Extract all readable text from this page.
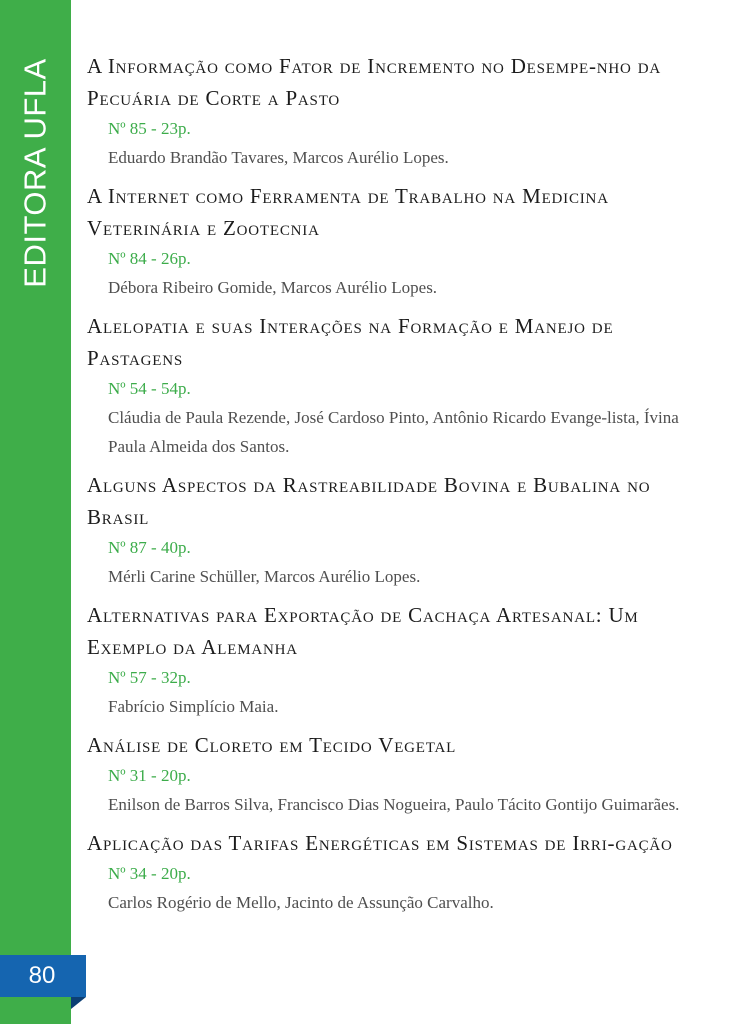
EDITORA UFLA
80
A Informação como Fator de Incremento no Desempe-nho da Pecuária de Corte a Pasto

Nº 85 - 23p.

Eduardo Brandão Tavares, Marcos Aurélio Lopes.

A Internet como Ferramenta de Trabalho na Medicina Veterinária e Zootecnia

Nº 84 - 26p.

Débora Ribeiro Gomide, Marcos Aurélio Lopes.

Alelopatia e suas Interações na Formação e Manejo de Pastagens

Nº 54 - 54p.

Cláudia de Paula Rezende, José Cardoso Pinto, Antônio Ricardo Evange-lista, Ívina Paula Almeida dos Santos.

Alguns Aspectos da Rastreabilidade Bovina e Bubalina no Brasil

Nº 87 - 40p.

Mérli Carine Schüller, Marcos Aurélio Lopes.

Alternativas para Exportação de Cachaça Artesanal: Um Exemplo da Alemanha

Nº 57 - 32p.

Fabrício Simplício Maia.

Análise de Cloreto em Tecido Vegetal

Nº 31 - 20p.

Enilson de Barros Silva, Francisco Dias Nogueira, Paulo Tácito Gontijo Guimarães.

Aplicação das Tarifas Energéticas em Sistemas de Irri-gação

Nº 34 - 20p.

Carlos Rogério de Mello, Jacinto de Assunção Carvalho.
